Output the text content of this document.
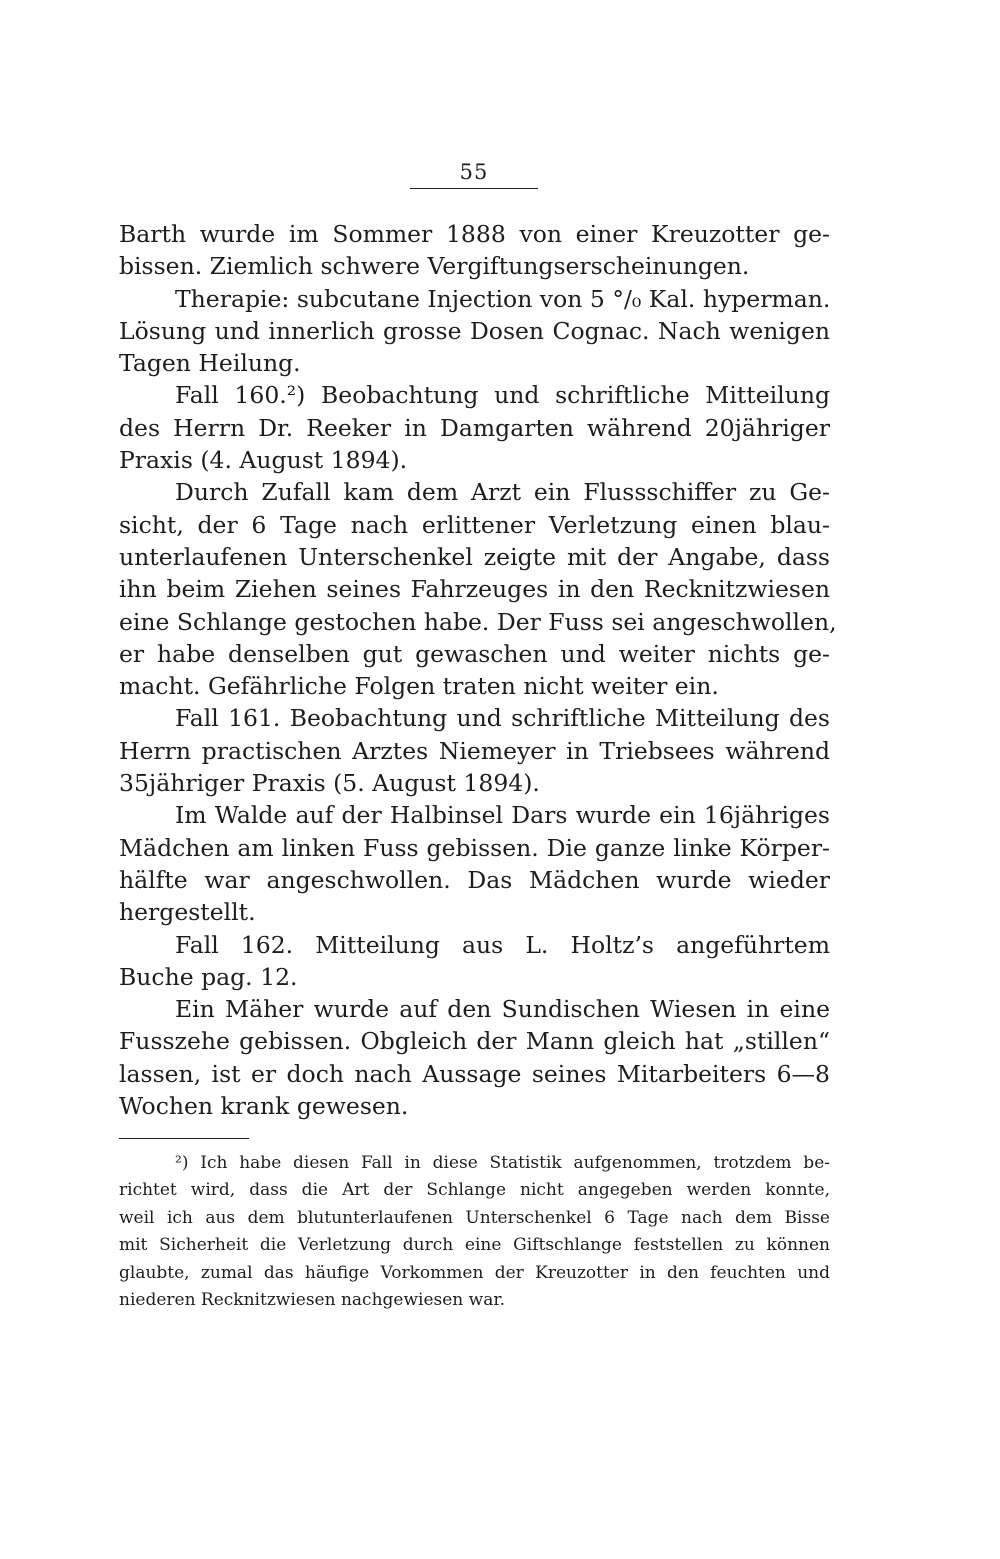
55
Barth wurde im Sommer 1888 von einer Kreuzotter ge-
bissen. Ziemlich schwere Vergiftungserscheinungen.
Therapie: subcutane Injection von 5 °/₀ Kal. hyperman.
Lösung und innerlich grosse Dosen Cognac. Nach wenigen
Tagen Heilung.
Fall 160.²) Beobachtung und schriftliche Mitteilung
des Herrn Dr. Reeker in Damgarten während 20jähriger
Praxis (4. August 1894).
Durch Zufall kam dem Arzt ein Flussschiffer zu Ge-
sicht, der 6 Tage nach erlittener Verletzung einen blau-
unterlaufenen Unterschenkel zeigte mit der Angabe, dass
ihn beim Ziehen seines Fahrzeuges in den Recknitzwiesen
eine Schlange gestochen habe. Der Fuss sei angeschwollen,
er habe denselben gut gewaschen und weiter nichts ge-
macht. Gefährliche Folgen traten nicht weiter ein.
Fall 161. Beobachtung und schriftliche Mitteilung des
Herrn practischen Arztes Niemeyer in Triebsees während
35jähriger Praxis (5. August 1894).
Im Walde auf der Halbinsel Dars wurde ein 16jähriges
Mädchen am linken Fuss gebissen. Die ganze linke Körper-
hälfte war angeschwollen. Das Mädchen wurde wieder
hergestellt.
Fall 162. Mitteilung aus L. Holtz’s angeführtem
Buche pag. 12.
Ein Mäher wurde auf den Sundischen Wiesen in eine
Fusszehe gebissen. Obgleich der Mann gleich hat „stillen“
lassen, ist er doch nach Aussage seines Mitarbeiters 6—8
Wochen krank gewesen.
²) Ich habe diesen Fall in diese Statistik aufgenommen, trotzdem be-
richtet wird, dass die Art der Schlange nicht angegeben werden konnte,
weil ich aus dem blutunterlaufenen Unterschenkel 6 Tage nach dem Bisse
mit Sicherheit die Verletzung durch eine Giftschlange feststellen zu können
glaubte, zumal das häufige Vorkommen der Kreuzotter in den feuchten und
niederen Recknitzwiesen nachgewiesen war.
